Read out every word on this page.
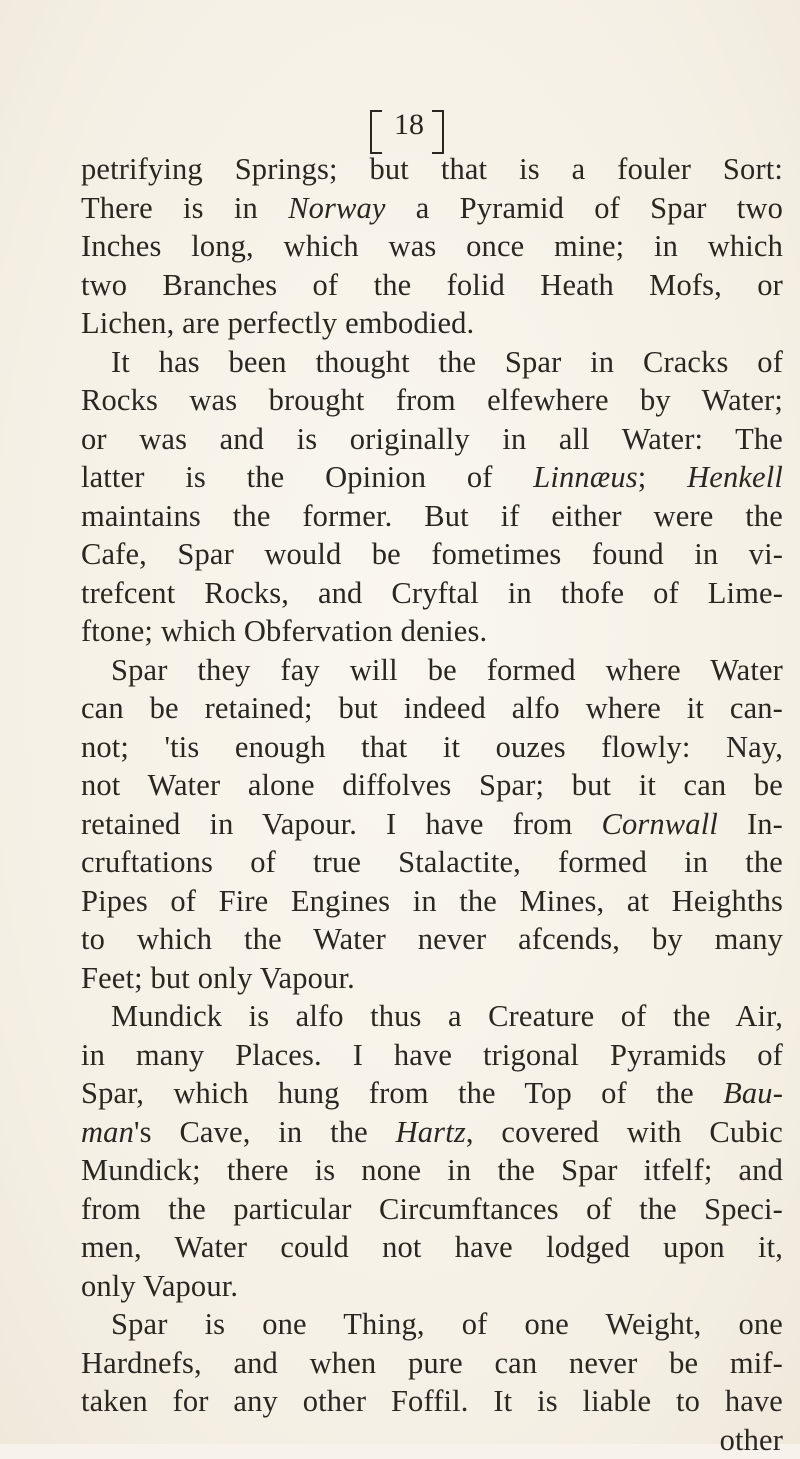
18
petrifying Springs; but that is a fouler Sort:
There is in Norway a Pyramid of Spar two
Inches long, which was once mine; in which
two Branches of the folid Heath Mofs, or
Lichen, are perfectly embodied.
It has been thought the Spar in Cracks of
Rocks was brought from elfewhere by Water;
or was and is originally in all Water: The
latter is the Opinion of Linnæus; Henkell
maintains the former. But if either were the
Cafe, Spar would be fometimes found in vi-
trefcent Rocks, and Cryftal in thofe of Lime-
ftone; which Obfervation denies.
Spar they fay will be formed where Water
can be retained; but indeed alfo where it can-
not; 'tis enough that it ouzes flowly: Nay,
not Water alone diffolves Spar; but it can be
retained in Vapour. I have from Cornwall In-
cruftations of true Stalactite, formed in the
Pipes of Fire Engines in the Mines, at Heighths
to which the Water never afcends, by many
Feet; but only Vapour.
Mundick is alfo thus a Creature of the Air,
in many Places. I have trigonal Pyramids of
Spar, which hung from the Top of the Bau-
man's Cave, in the Hartz, covered with Cubic
Mundick; there is none in the Spar itfelf; and
from the particular Circumftances of the Speci-
men, Water could not have lodged upon it,
only Vapour.
Spar is one Thing, of one Weight, one
Hardnefs, and when pure can never be mif-
taken for any other Foffil. It is liable to have
other
